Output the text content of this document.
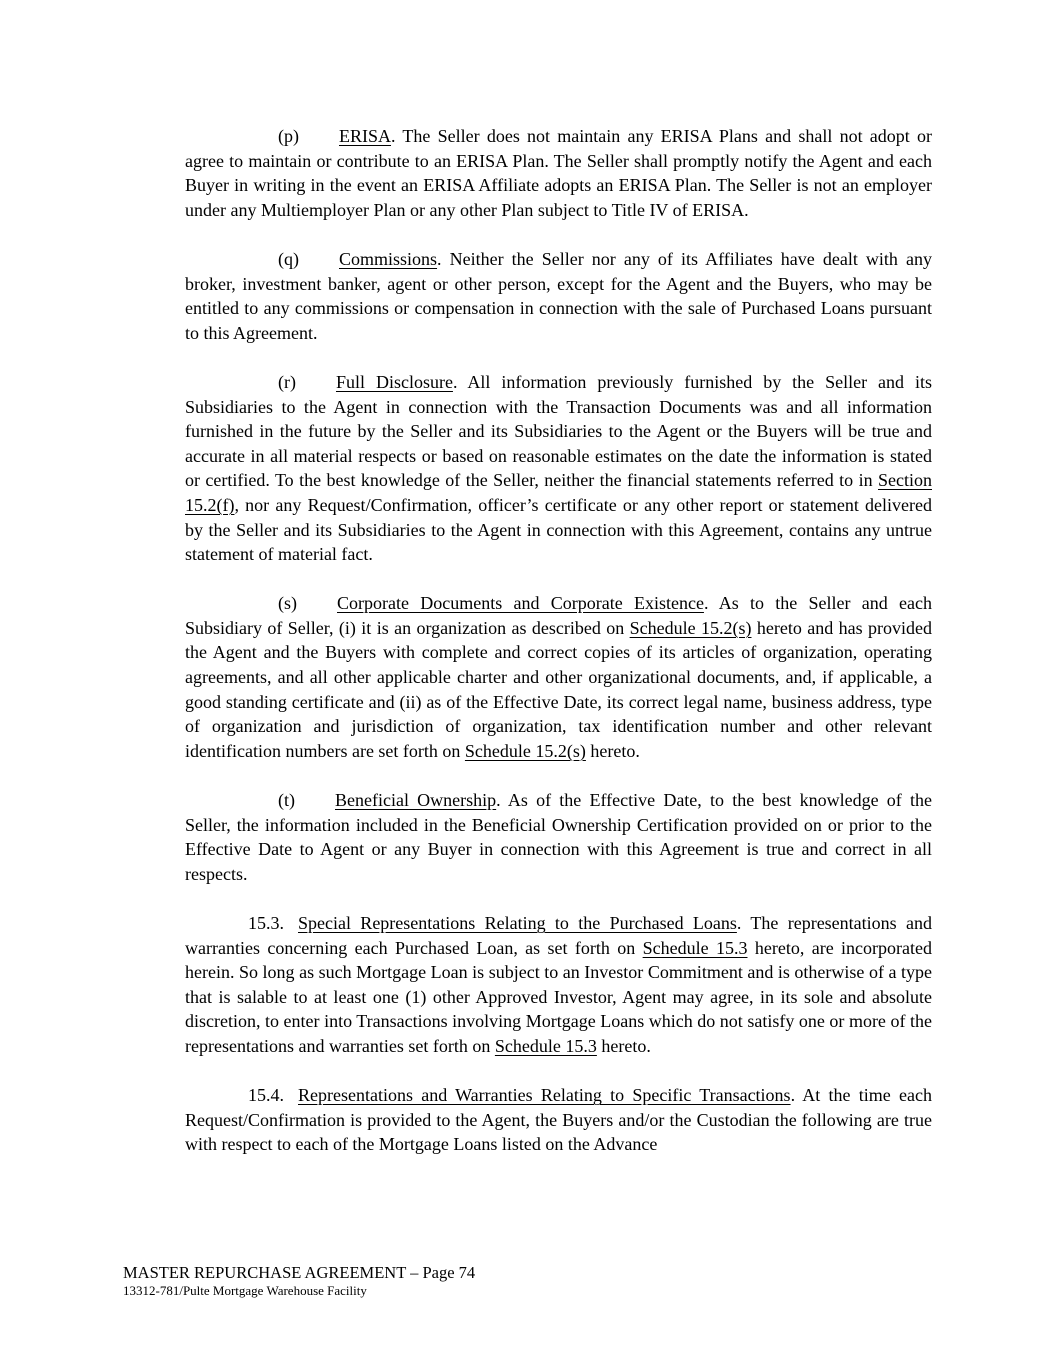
(p) ERISA. The Seller does not maintain any ERISA Plans and shall not adopt or agree to maintain or contribute to an ERISA Plan. The Seller shall promptly notify the Agent and each Buyer in writing in the event an ERISA Affiliate adopts an ERISA Plan. The Seller is not an employer under any Multiemployer Plan or any other Plan subject to Title IV of ERISA.

(q) Commissions. Neither the Seller nor any of its Affiliates have dealt with any broker, investment banker, agent or other person, except for the Agent and the Buyers, who may be entitled to any commissions or compensation in connection with the sale of Purchased Loans pursuant to this Agreement.

(r) Full Disclosure. All information previously furnished by the Seller and its Subsidiaries to the Agent in connection with the Transaction Documents was and all information furnished in the future by the Seller and its Subsidiaries to the Agent or the Buyers will be true and accurate in all material respects or based on reasonable estimates on the date the information is stated or certified. To the best knowledge of the Seller, neither the financial statements referred to in Section 15.2(f), nor any Request/Confirmation, officer’s certificate or any other report or statement delivered by the Seller and its Subsidiaries to the Agent in connection with this Agreement, contains any untrue statement of material fact.

(s) Corporate Documents and Corporate Existence. As to the Seller and each Subsidiary of Seller, (i) it is an organization as described on Schedule 15.2(s) hereto and has provided the Agent and the Buyers with complete and correct copies of its articles of organization, operating agreements, and all other applicable charter and other organizational documents, and, if applicable, a good standing certificate and (ii) as of the Effective Date, its correct legal name, business address, type of organization and jurisdiction of organization, tax identification number and other relevant identification numbers are set forth on Schedule 15.2(s) hereto.

(t) Beneficial Ownership. As of the Effective Date, to the best knowledge of the Seller, the information included in the Beneficial Ownership Certification provided on or prior to the Effective Date to Agent or any Buyer in connection with this Agreement is true and correct in all respects.

15.3. Special Representations Relating to the Purchased Loans. The representations and warranties concerning each Purchased Loan, as set forth on Schedule 15.3 hereto, are incorporated herein. So long as such Mortgage Loan is subject to an Investor Commitment and is otherwise of a type that is salable to at least one (1) other Approved Investor, Agent may agree, in its sole and absolute discretion, to enter into Transactions involving Mortgage Loans which do not satisfy one or more of the representations and warranties set forth on Schedule 15.3 hereto.

15.4. Representations and Warranties Relating to Specific Transactions. At the time each Request/Confirmation is provided to the Agent, the Buyers and/or the Custodian the following are true with respect to each of the Mortgage Loans listed on the Advance

MASTER REPURCHASE AGREEMENT – Page 74
13312-781/Pulte Mortgage Warehouse Facility
